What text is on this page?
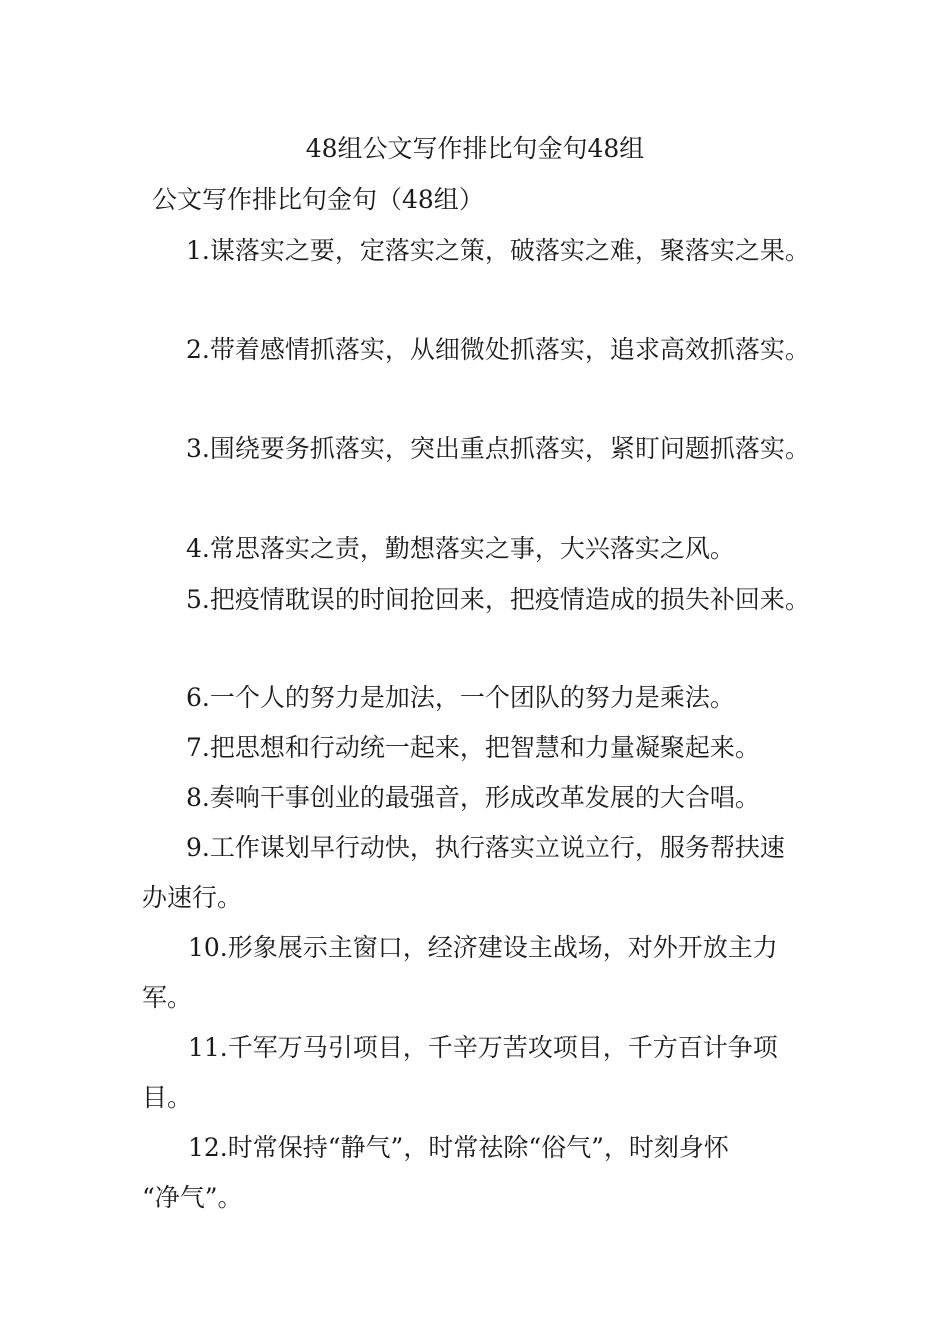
48组公文写作排比句金句48组
公文写作排比句金句（48组）
1.谋落实之要，定落实之策，破落实之难，聚落实之果。
2.带着感情抓落实，从细微处抓落实，追求高效抓落实。
3.围绕要务抓落实，突出重点抓落实，紧盯问题抓落实。
4.常思落实之责，勤想落实之事，大兴落实之风。
5.把疫情耽误的时间抢回来，把疫情造成的损失补回来。
6.一个人的努力是加法，一个团队的努力是乘法。
7.把思想和行动统一起来，把智慧和力量凝聚起来。
8.奏响干事创业的最强音，形成改革发展的大合唱。
9.工作谋划早行动快，执行落实立说立行，服务帮扶速
办速行。
10.形象展示主窗口，经济建设主战场，对外开放主力
军。
11.千军万马引项目，千辛万苦攻项目，千方百计争项
目。
12.时常保持“静气”，时常祛除“俗气”，时刻身怀
“净气”。
